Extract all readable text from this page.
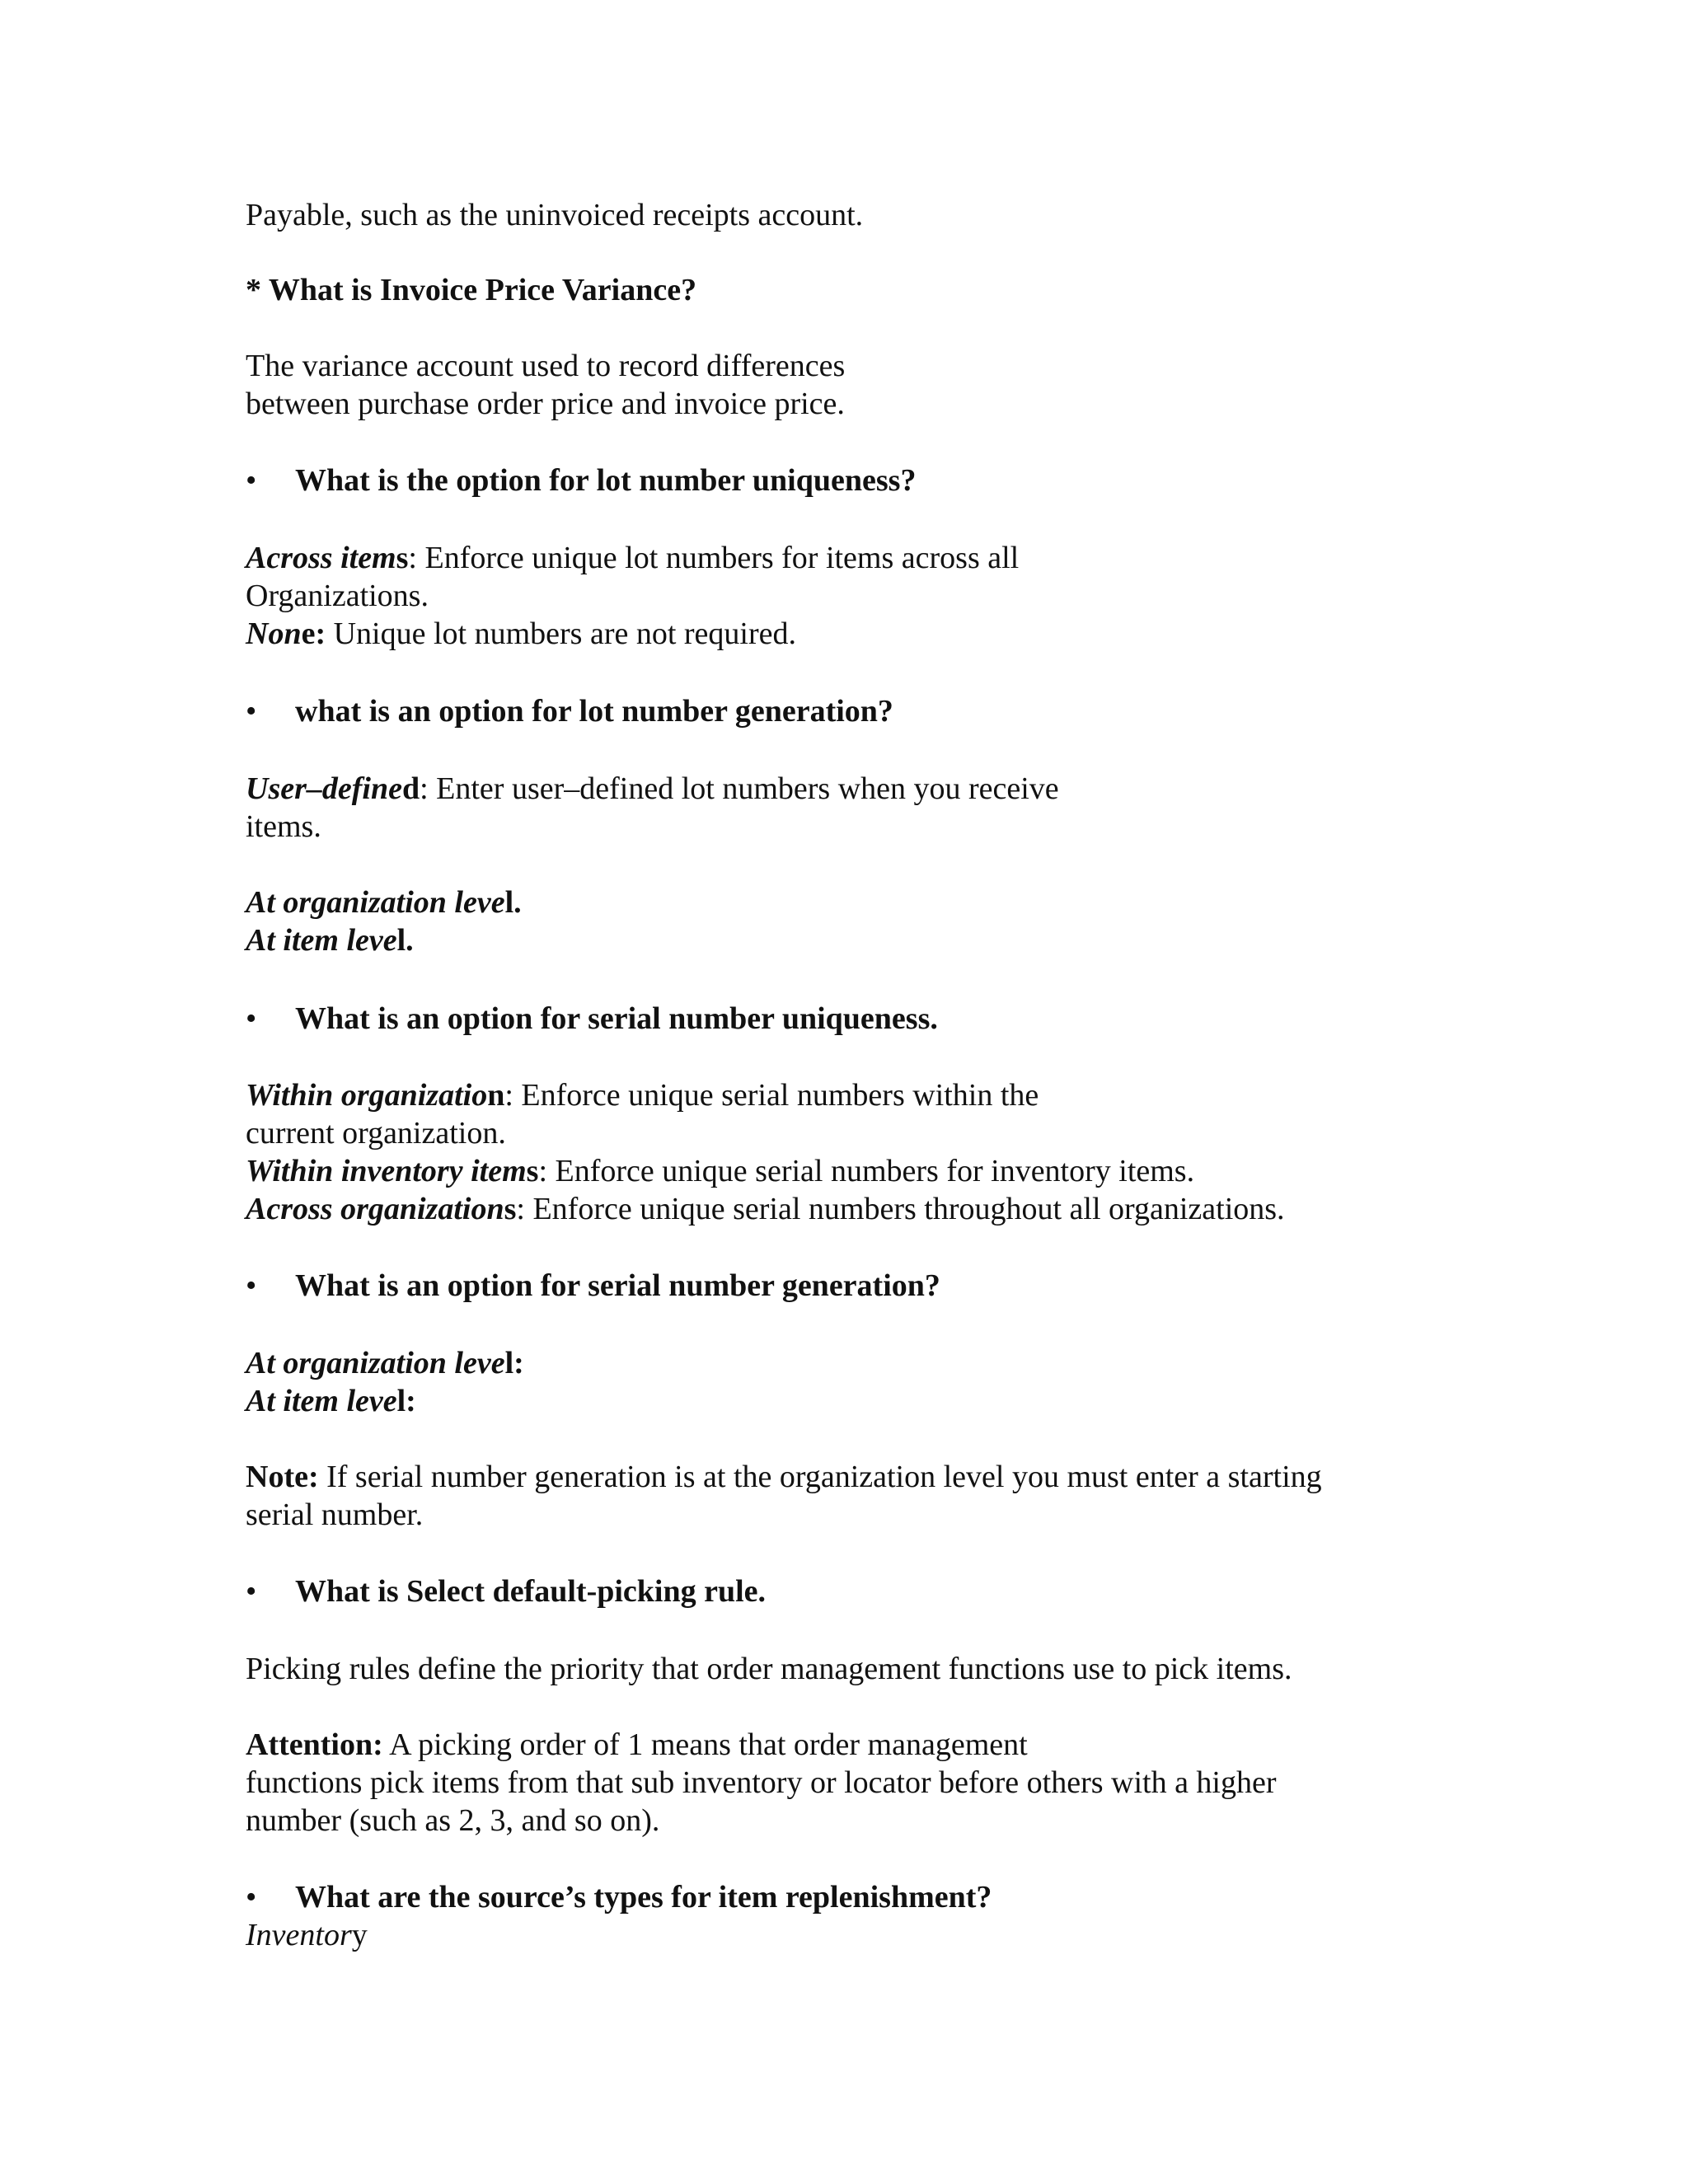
Payable, such as the uninvoiced receipts account.
* What is Invoice Price Variance?
The variance account used to record differences
between purchase order price and invoice price.
• What is the option for lot number uniqueness?
Across items: Enforce unique lot numbers for items across all
Organizations.
None: Unique lot numbers are not required.
• what is an option for lot number generation?
User–defined: Enter user–defined lot numbers when you receive
items.
At organization level.
At item level.
• What is an option for serial number uniqueness.
Within organization: Enforce unique serial numbers within the
current organization.
Within inventory items: Enforce unique serial numbers for inventory items.
Across organizations: Enforce unique serial numbers throughout all organizations.
• What is an option for serial number generation?
At organization level:
At item level:
Note: If serial number generation is at the organization level you must enter a starting
serial number.
• What is Select default-picking rule.
Picking rules define the priority that order management functions use to pick items.
Attention: A picking order of 1 means that order management
functions pick items from that sub inventory or locator before others with a higher
number (such as 2, 3, and so on).
• What are the source’s types for item replenishment?
Inventory
